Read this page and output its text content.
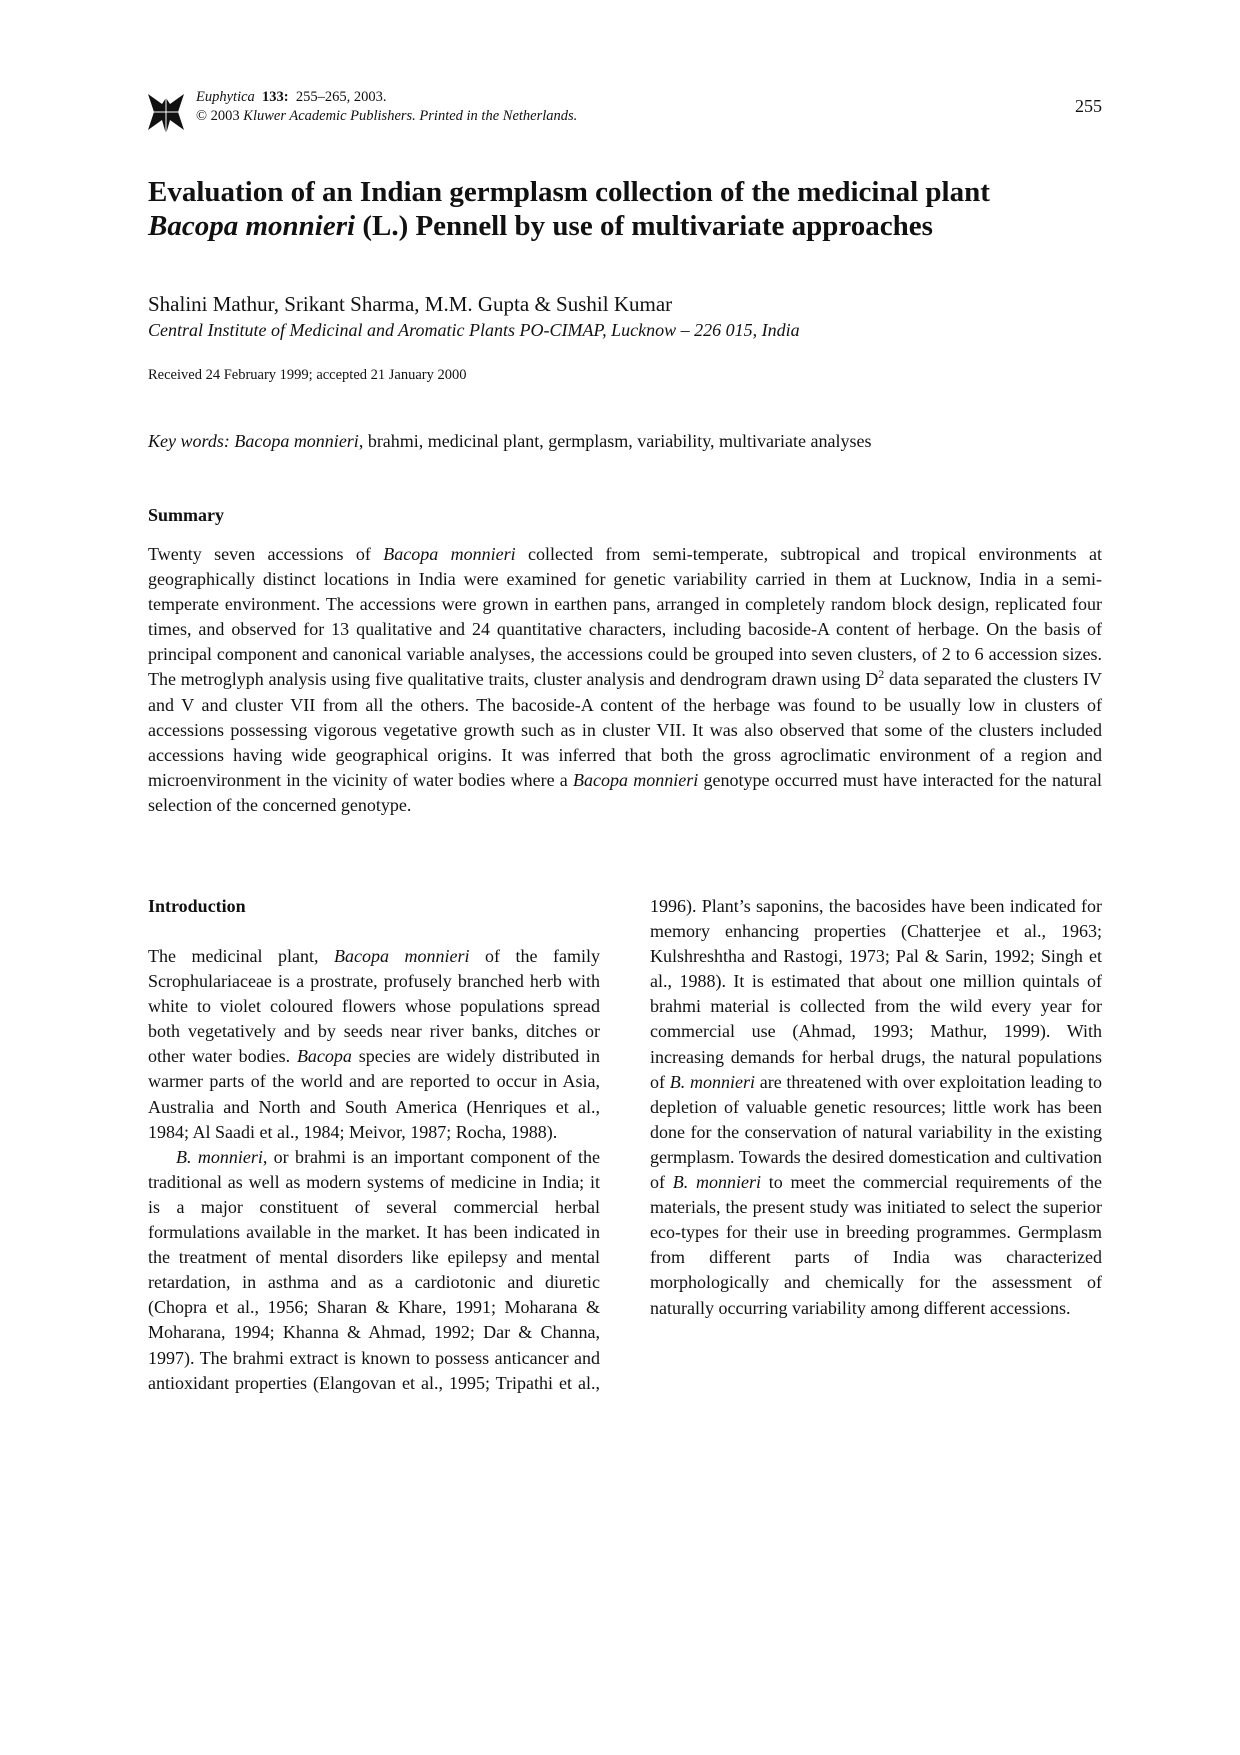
Euphytica 133: 255–265, 2003.
© 2003 Kluwer Academic Publishers. Printed in the Netherlands.	255
Evaluation of an Indian germplasm collection of the medicinal plant
Bacopa monnieri (L.) Pennell by use of multivariate approaches
Shalini Mathur, Srikant Sharma, M.M. Gupta & Sushil Kumar
Central Institute of Medicinal and Aromatic Plants PO-CIMAP, Lucknow – 226 015, India
Received 24 February 1999; accepted 21 January 2000
Key words: Bacopa monnieri, brahmi, medicinal plant, germplasm, variability, multivariate analyses
Summary
Twenty seven accessions of Bacopa monnieri collected from semi-temperate, subtropical and tropical environments at geographically distinct locations in India were examined for genetic variability carried in them at Lucknow, India in a semi-temperate environment. The accessions were grown in earthen pans, arranged in completely random block design, replicated four times, and observed for 13 qualitative and 24 quantitative characters, including bacoside-A content of herbage. On the basis of principal component and canonical variable analyses, the accessions could be grouped into seven clusters, of 2 to 6 accession sizes. The metroglyph analysis using five qualitative traits, cluster analysis and dendrogram drawn using $D^2$ data separated the clusters IV and V and cluster VII from all the others. The bacoside-A content of the herbage was found to be usually low in clusters of accessions possessing vigorous vegetative growth such as in cluster VII. It was also observed that some of the clusters included accessions having wide geographical origins. It was inferred that both the gross agroclimatic environment of a region and microenvironment in the vicinity of water bodies where a Bacopa monnieri genotype occurred must have interacted for the natural selection of the concerned genotype.
Introduction

The medicinal plant, Bacopa monnieri of the family Scrophulariaceae is a prostrate, profusely branched herb with white to violet coloured flowers whose populations spread both vegetatively and by seeds near river banks, ditches or other water bodies. Bacopa species are widely distributed in warmer parts of the world and are reported to occur in Asia, Australia and North and South America (Henriques et al., 1984; Al Saadi et al., 1984; Meivor, 1987; Rocha, 1988).

B. monnieri, or brahmi is an important component of the traditional as well as modern systems of medicine in India; it is a major constituent of several commercial herbal formulations available in the market. It has been indicated in the treatment of mental disorders like epilepsy and mental retardation, in asthma and as a cardiotonic and diuretic (Chopra et al., 1956; Sharan & Khare, 1991; Moharana & Moharana, 1994; Khanna & Ahmad, 1992; Dar & Channa, 1997). The brahmi extract is known to possess anticancer and antioxidant properties (Elangovan et al., 1995; Tripathi et al., 1996). Plant’s saponins, the bacosides have been indicated for memory enhancing properties (Chatterjee et al., 1963; Kulshreshtha and Rastogi, 1973; Pal & Sarin, 1992; Singh et al., 1988). It is estimated that about one million quintals of brahmi material is collected from the wild every year for commercial use (Ahmad, 1993; Mathur, 1999). With increasing demands for herbal drugs, the natural populations of B. monnieri are threatened with over exploitation leading to depletion of valuable genetic resources; little work has been done for the conservation of natural variability in the existing germplasm. Towards the desired domestication and cultivation of B. monnieri to meet the commercial requirements of the materials, the present study was initiated to select the superior eco-types for their use in breeding programmes. Germplasm from different parts of India was characterized morphologically and chemically for the assessment of naturally occurring variability among different accessions.
